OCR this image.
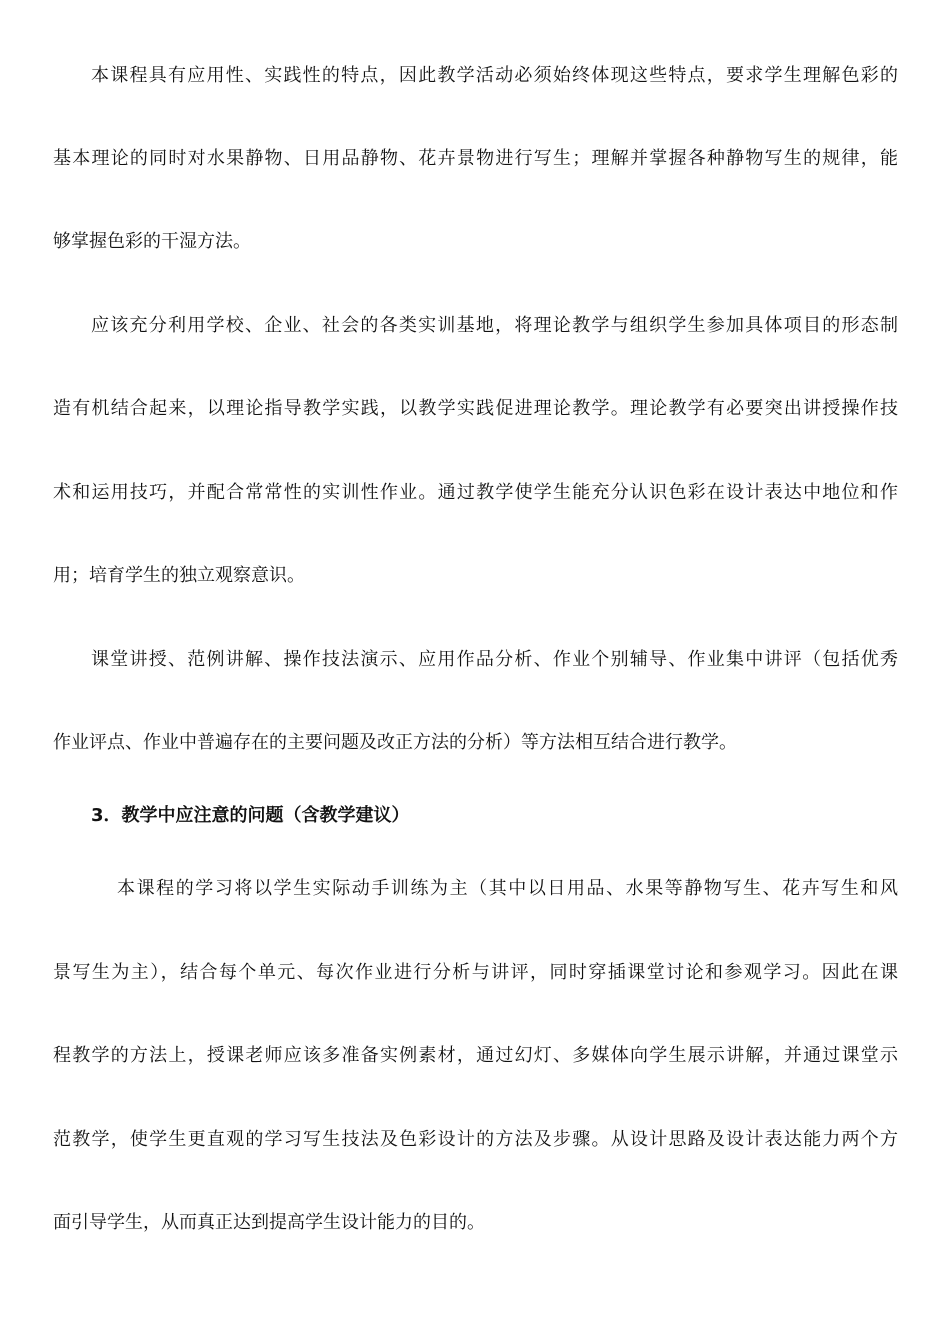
本课程具有应用性、实践性的特点，因此教学活动必须始终体现这些特点，要求学生理解色彩的
基本理论的同时对水果静物、日用品静物、花卉景物进行写生；理解并掌握各种静物写生的规律，能
够掌握色彩的干湿方法。
应该充分利用学校、企业、社会的各类实训基地，将理论教学与组织学生参加具体项目的形态制
造有机结合起来，以理论指导教学实践，以教学实践促进理论教学。理论教学有必要突出讲授操作技
术和运用技巧，并配合常常性的实训性作业。通过教学使学生能充分认识色彩在设计表达中地位和作
用；培育学生的独立观察意识。
课堂讲授、范例讲解、操作技法演示、应用作品分析、作业个别辅导、作业集中讲评（包括优秀
作业评点、作业中普遍存在的主要问题及改正方法的分析）等方法相互结合进行教学。
3．教学中应注意的问题（含教学建议）
本课程的学习将以学生实际动手训练为主（其中以日用品、水果等静物写生、花卉写生和风
景写生为主），结合每个单元、每次作业进行分析与讲评，同时穿插课堂讨论和参观学习。因此在课
程教学的方法上，授课老师应该多准备实例素材，通过幻灯、多媒体向学生展示讲解，并通过课堂示
范教学，使学生更直观的学习写生技法及色彩设计的方法及步骤。从设计思路及设计表达能力两个方
面引导学生，从而真正达到提高学生设计能力的目的。
